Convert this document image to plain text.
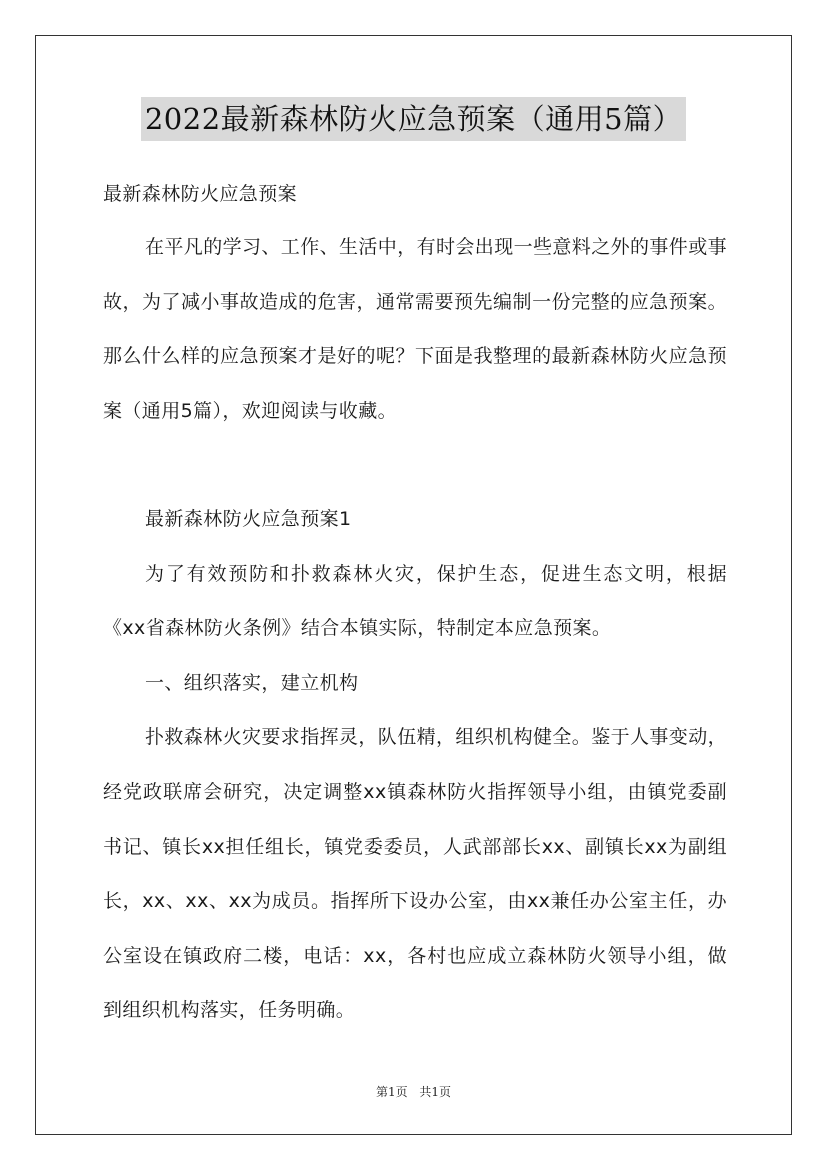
2022最新森林防火应急预案（通用5篇）
最新森林防火应急预案

在平凡的学习、工作、生活中，有时会出现一些意料之外的事件或事故，为了减小事故造成的危害，通常需要预先编制一份完整的应急预案。那么什么样的应急预案才是好的呢？下面是我整理的最新森林防火应急预案（通用5篇），欢迎阅读与收藏。

最新森林防火应急预案1

为了有效预防和扑救森林火灾，保护生态，促进生态文明，根据《xx省森林防火条例》结合本镇实际，特制定本应急预案。

一、组织落实，建立机构

扑救森林火灾要求指挥灵，队伍精，组织机构健全。鉴于人事变动，经党政联席会研究，决定调整xx镇森林防火指挥领导小组，由镇党委副书记、镇长xx担任组长，镇党委委员，人武部部长xx、副镇长xx为副组长，xx、xx、xx为成员。指挥所下设办公室，由xx兼任办公室主任，办公室设在镇政府二楼，电话：xx，各村也应成立森林防火领导小组，做到组织机构落实，任务明确。

第1页 共1页
